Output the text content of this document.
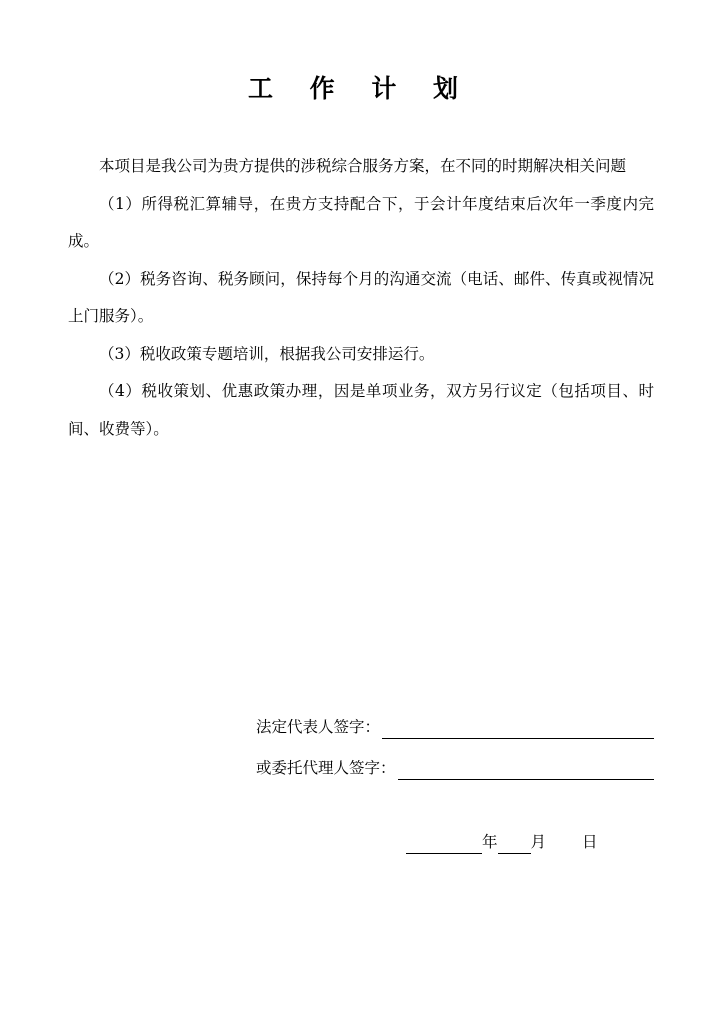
工 作 计 划

本项目是我公司为贵方提供的涉税综合服务方案，在不同的时期解决相关问题

（1）所得税汇算辅导，在贵方支持配合下，于会计年度结束后次年一季度内完成。

（2）税务咨询、税务顾问，保持每个月的沟通交流（电话、邮件、传真或视情况上门服务）。

（3）税收政策专题培训，根据我公司安排运行。

（4）税收策划、优惠政策办理，因是单项业务，双方另行议定（包括项目、时间、收费等）。

法定代表人签字：
或委托代理人签字：
年 月 日
